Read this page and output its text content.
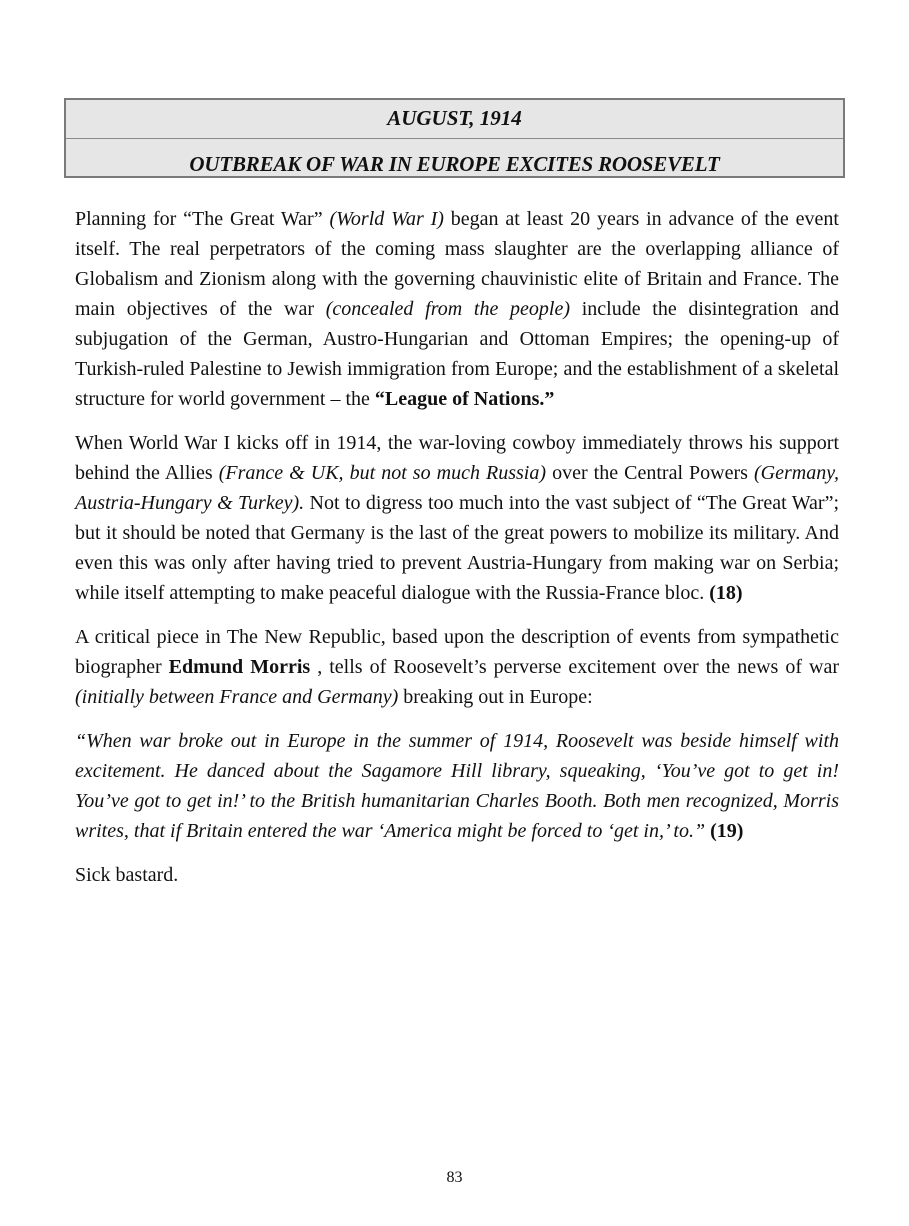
AUGUST, 1914
OUTBREAK OF WAR IN EUROPE EXCITES ROOSEVELT

Planning for “The Great War” (World War I) began at least 20 years in advance of the event itself. The real perpetrators of the coming mass slaughter are the overlapping alliance of Globalism and Zionism along with the governing chauvinistic elite of Britain and France. The main objectives of the war (concealed from the people) include the disintegration and subjugation of the German, Austro-Hungarian and Ottoman Empires; the opening-up of Turkish-ruled Palestine to Jewish immigration from Europe; and the establishment of a skeletal structure for world government – the “League of Nations.”

When World War I kicks off in 1914, the war-loving cowboy immediately throws his support behind the Allies (France & UK, but not so much Russia) over the Central Powers (Germany, Austria-Hungary & Turkey). Not to digress too much into the vast subject of “The Great War”; but it should be noted that Germany is the last of the great powers to mobilize its military. And even this was only after having tried to prevent Austria-Hungary from making war on Serbia; while itself attempting to make peaceful dialogue with the Russia-France bloc. (18)

A critical piece in The New Republic, based upon the description of events from sympathetic biographer Edmund Morris , tells of Roosevelt’s perverse excitement over the news of war (initially between France and Germany) breaking out in Europe:

“When war broke out in Europe in the summer of 1914, Roosevelt was beside himself with excitement. He danced about the Sagamore Hill library, squeaking, ‘You’ve got to get in! You’ve got to get in!’ to the British humanitarian Charles Booth. Both men recognized, Morris writes, that if Britain entered the war ‘America might be forced to ‘get in,’ to.” (19)

Sick bastard.

83
